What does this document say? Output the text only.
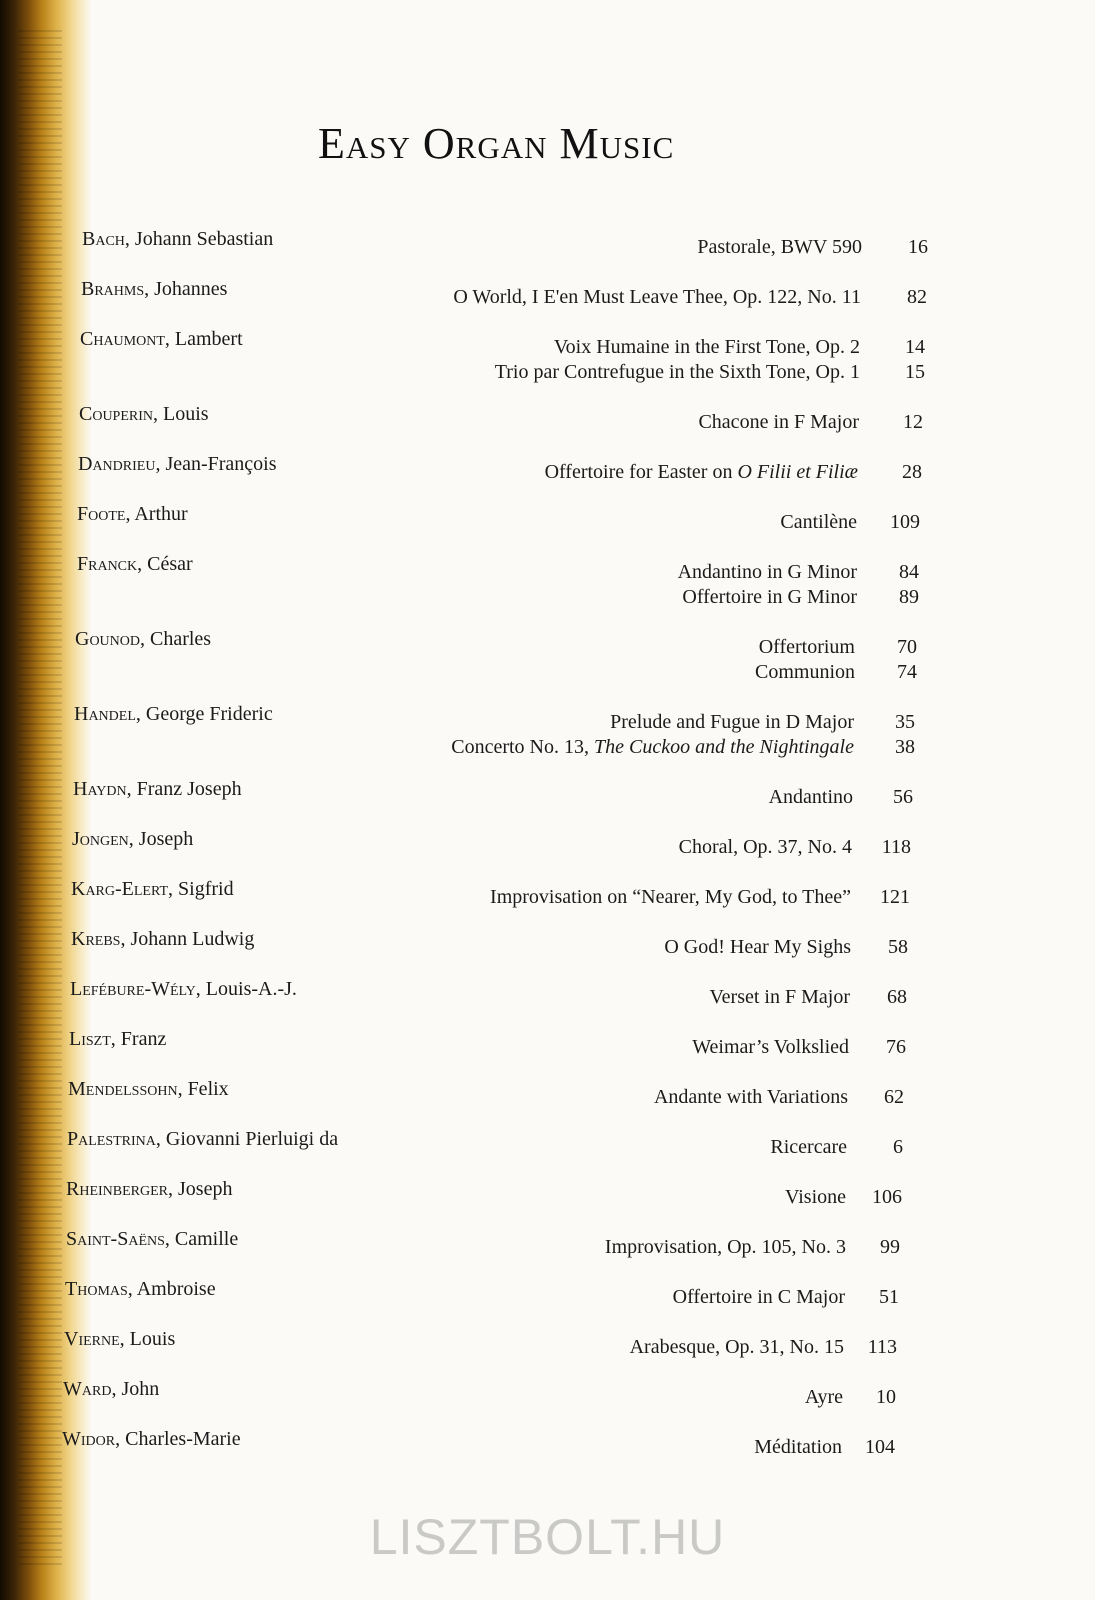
Easy Organ Music
Bach, Johann Sebastian	Pastorale, BWV 590	16
Brahms, Johannes	O World, I E'en Must Leave Thee, Op. 122, No. 11	82
Chaumont, Lambert	Voix Humaine in the First Tone, Op. 2	14
Trio par Contrefugue in the Sixth Tone, Op. 1	15
Couperin, Louis	Chacone in F Major	12
Dandrieu, Jean-François	Offertoire for Easter on O Filii et Filiæ	28
Foote, Arthur	Cantilène	109
Franck, César	Andantino in G Minor	84
Offertoire in G Minor	89
Gounod, Charles	Offertorium	70
Communion	74
Handel, George Frideric	Prelude and Fugue in D Major	35
Concerto No. 13, The Cuckoo and the Nightingale	38
Haydn, Franz Joseph	Andantino	56
Jongen, Joseph	Choral, Op. 37, No. 4	118
Karg-Elert, Sigfrid	Improvisation on “Nearer, My God, to Thee”	121
Krebs, Johann Ludwig	O God! Hear My Sighs	58
Lefébure-Wély, Louis-A.-J.	Verset in F Major	68
Liszt, Franz	Weimar’s Volkslied	76
Mendelssohn, Felix	Andante with Variations	62
Palestrina, Giovanni Pierluigi da	Ricercare	6
Rheinberger, Joseph	Visione	106
Saint-Saëns, Camille	Improvisation, Op. 105, No. 3	99
Thomas, Ambroise	Offertoire in C Major	51
Vierne, Louis	Arabesque, Op. 31, No. 15	113
Ward, John	Ayre	10
Widor, Charles-Marie	Méditation	104
LISZTBOLT.HU
